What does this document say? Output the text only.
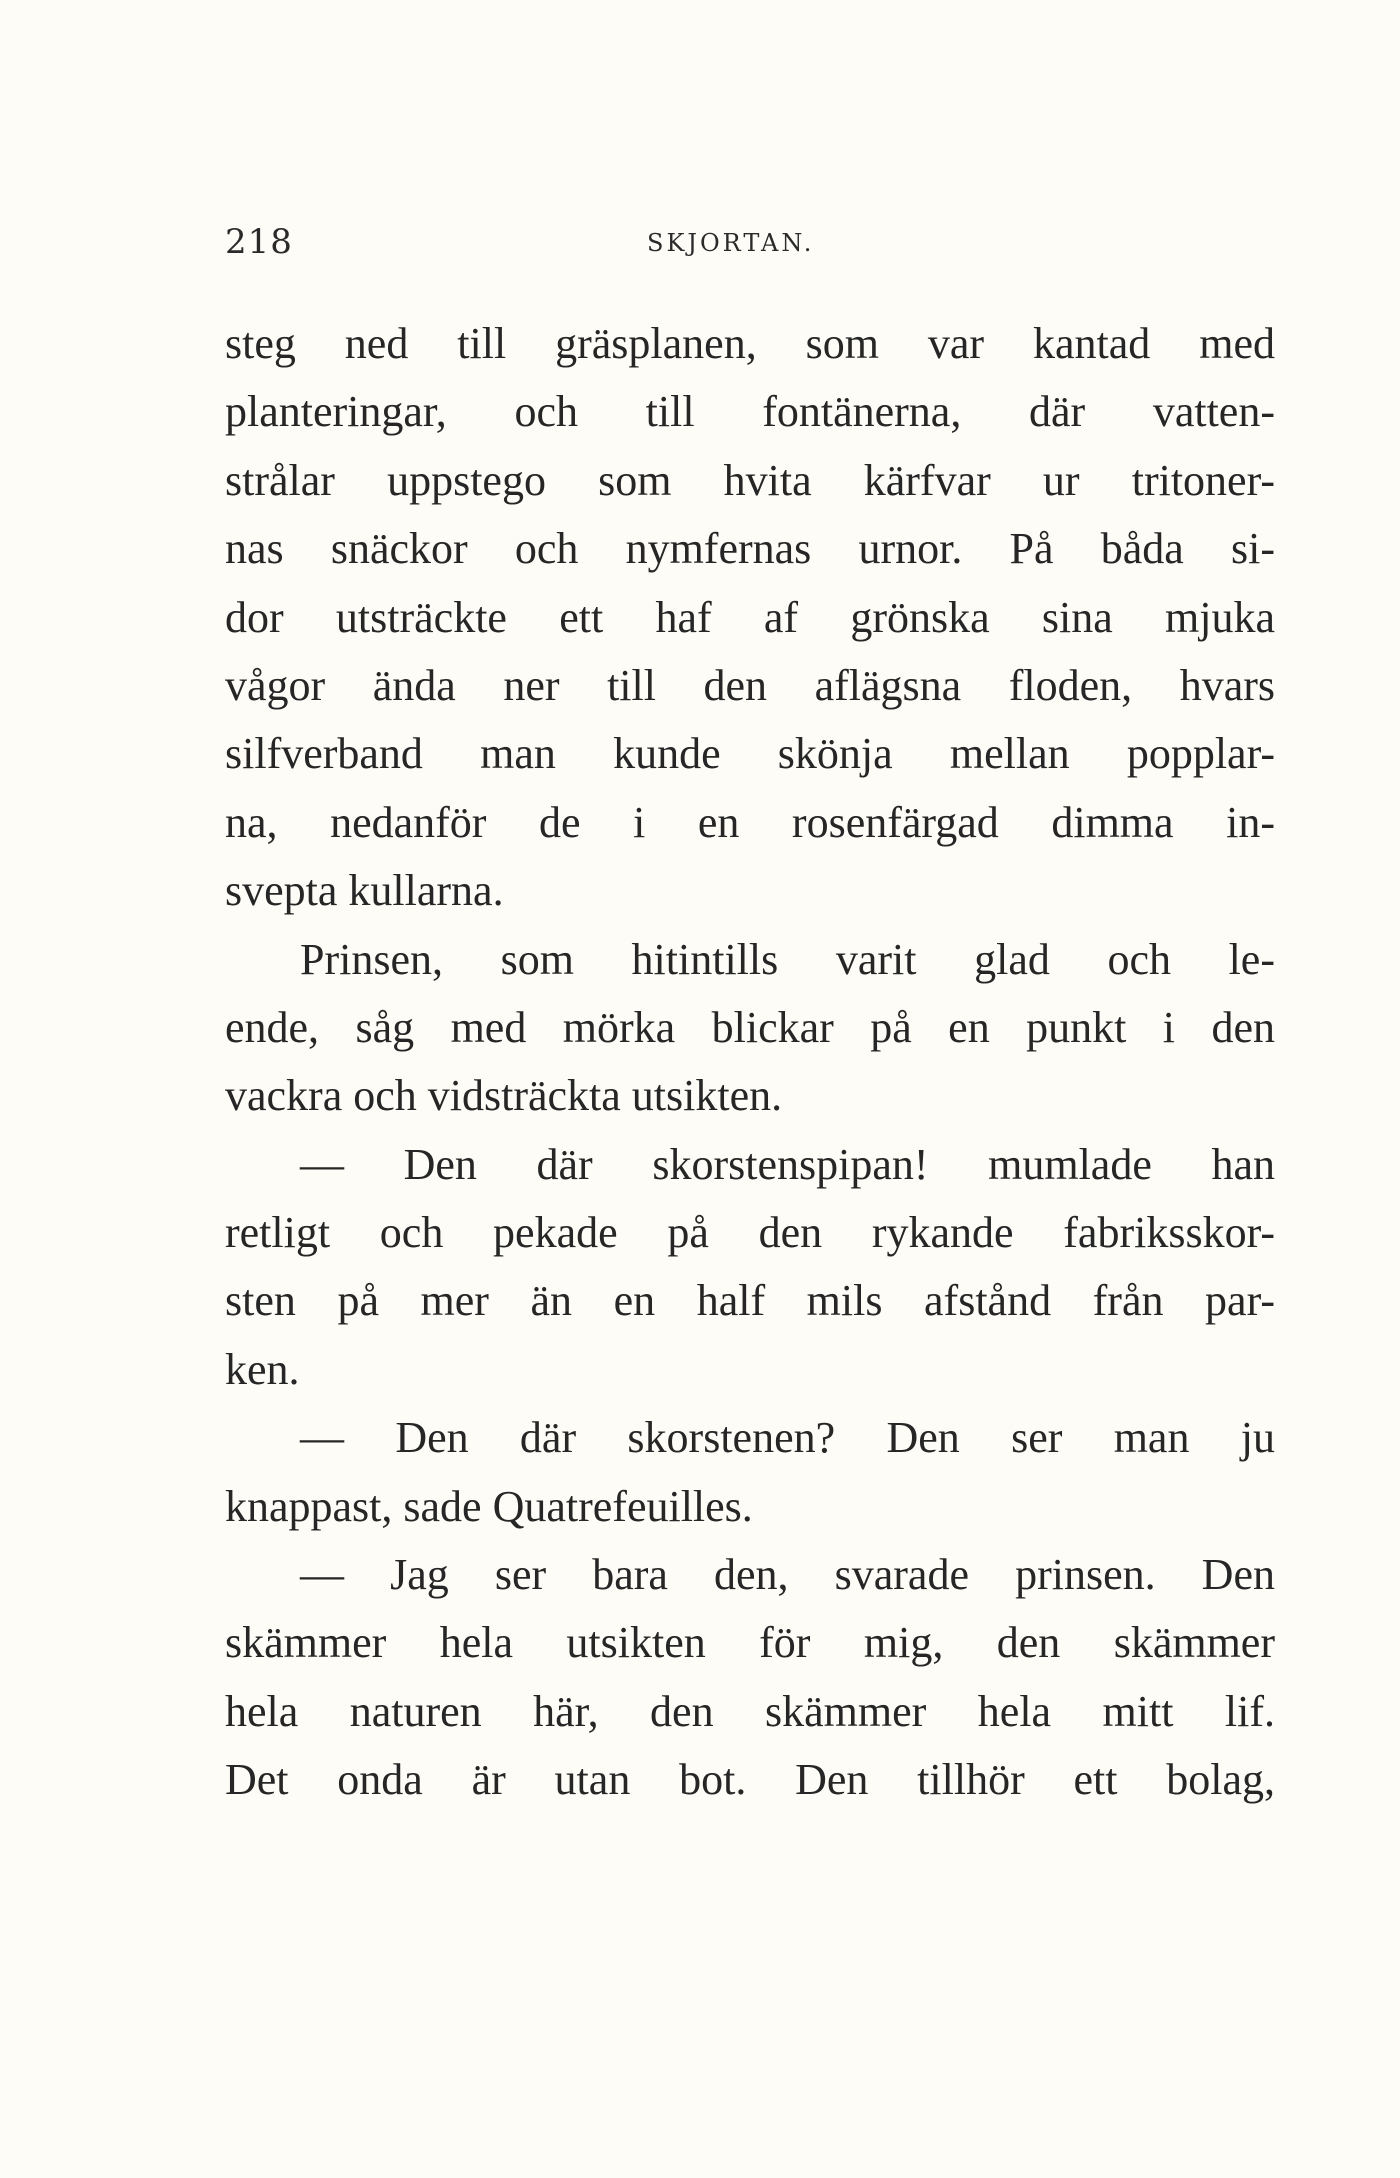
218	SKJORTAN.
steg ned till gräsplanen, som var kantad med
planteringar, och till fontänerna, där vatten-
strålar uppstego som hvita kärfvar ur tritoner-
nas snäckor och nymfernas urnor. På båda si-
dor utsträckte ett haf af grönska sina mjuka
vågor ända ner till den aflägsna floden, hvars
silfverband man kunde skönja mellan popplar-
na, nedanför de i en rosenfärgad dimma in-
svepta kullarna.
Prinsen, som hitintills varit glad och le-
ende, såg med mörka blickar på en punkt i den
vackra och vidsträckta utsikten.
— Den där skorstenspipan! mumlade han
retligt och pekade på den rykande fabriksskor-
sten på mer än en half mils afstånd från par-
ken.
— Den där skorstenen? Den ser man ju
knappast, sade Quatrefeuilles.
— Jag ser bara den, svarade prinsen. Den
skämmer hela utsikten för mig, den skämmer
hela naturen här, den skämmer hela mitt lif.
Det onda är utan bot. Den tillhör ett bolag,
